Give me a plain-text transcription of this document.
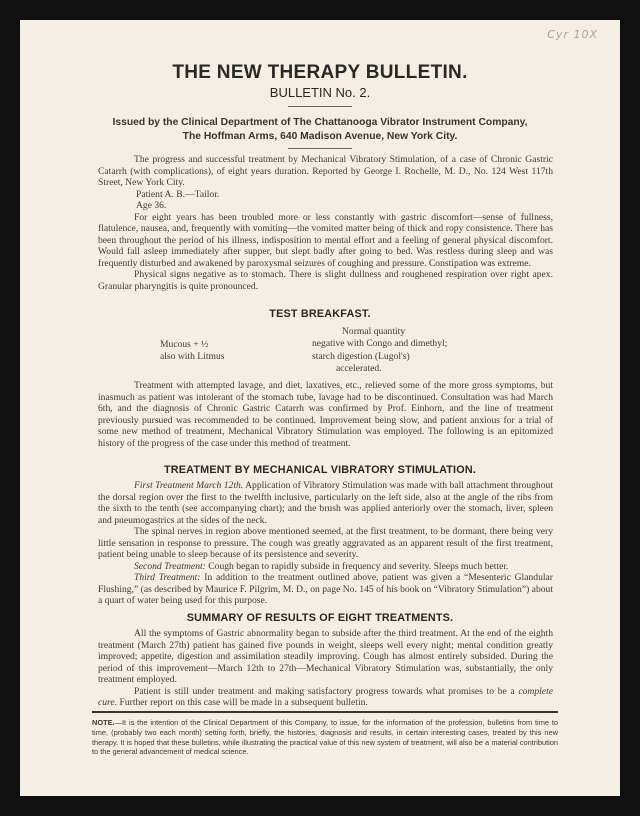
Cyr 10X
THE NEW THERAPY BULLETIN.
BULLETIN No. 2.
Issued by the Clinical Department of The Chattanooga Vibrator Instrument Company,
The Hoffman Arms, 640 Madison Avenue, New York City.

The progress and successful treatment by Mechanical Vibratory Stimulation, of a case of Chronic Gastric Catarrh (with complications), of eight years duration. Reported by George I. Rochelle, M. D., No. 124 West 117th Street, New York City.

Patient A. B.—Tailor.

Age 36.

For eight years has been troubled more or less constantly with gastric discomfort—sense of fullness, flatulence, nausea, and, frequently with vomiting—the vomited matter being of thick and ropy consistence. There has been throughout the period of his illness, indisposition to mental effort and a feeling of general physical discomfort. Would fall asleep immediately after supper, but slept badly after going to bed. Was restless during sleep and was frequently disturbed and awakened by paroxysmal seizures of coughing and pressure. Constipation was extreme.

Physical signs negative as to stomach. There is slight dullness and roughened respiration over right apex. Granular pharyngitis is quite pronounced.

TEST BREAKFAST.
Mucous + ½
also with Litmus
Normal quantity
negative with Congo and dimethyl;
starch digestion (Lugol's)
accelerated.

Treatment with attempted lavage, and diet, laxatives, etc., relieved some of the more gross symptoms, but inasmuch as patient was intolerant of the stomach tube, lavage had to be discontinued. Consultation was had March 6th, and the diagnosis of Chronic Gastric Catarrh was confirmed by Prof. Einhorn, and the line of treatment previously pursued was recommended to be continued. Improvement being slow, and patient anxious for a trial of some new method of treatment, Mechanical Vibratory Stimulation was employed. The following is an epitomized history of the progress of the case under this method of treatment.

TREATMENT BY MECHANICAL VIBRATORY STIMULATION.

First Treatment March 12th. Application of Vibratory Stimulation was made with ball attachment throughout the dorsal region over the first to the twelfth inclusive, particularly on the left side, also at the angle of the ribs from the sixth to the tenth (see accompanying chart); and the brush was applied anteriorly over the stomach, liver, spleen and pneumogastrics at the sides of the neck.

The spinal nerves in region above mentioned seemed, at the first treatment, to be dormant, there being very little sensation in response to pressure. The cough was greatly aggravated as an apparent result of the first treatment, patient being unable to sleep because of its persistence and severity.

Second Treatment: Cough began to rapidly subside in frequency and severity. Sleeps much better.

Third Treatment: In addition to the treatment outlined above, patient was given a “Mesenteric Glandular Flushing,” (as described by Maurice F. Pilgrim, M. D., on page No. 145 of his book on “Vibratory Stimulation”) about a quart of water being used for this purpose.

SUMMARY OF RESULTS OF EIGHT TREATMENTS.

All the symptoms of Gastric abnormality began to subside after the third treatment. At the end of the eighth treatment (March 27th) patient has gained five pounds in weight, sleeps well every night; mental condition greatly improved; appetite, digestion and assimilation steadily improving. Cough has almost entirely subsided. During the period of this improvement—March 12th to 27th—Mechanical Vibratory Stimulation was, substantially, the only treatment employed.

Patient is still under treatment and making satisfactory progress towards what promises to be a complete cure. Further report on this case will be made in a subsequent bulletin.

NOTE.—It is the intention of the Clinical Department of this Company, to issue, for the information of the profession, bulletins from time to time, (probably two each month) setting forth, briefly, the histories, diagnosis and results, in certain interesting cases, treated by this new therapy. It is hoped that these bulletins, while illustrating the practical value of this new system of treatment, will also be a material contribution to the general advancement of medical science.
